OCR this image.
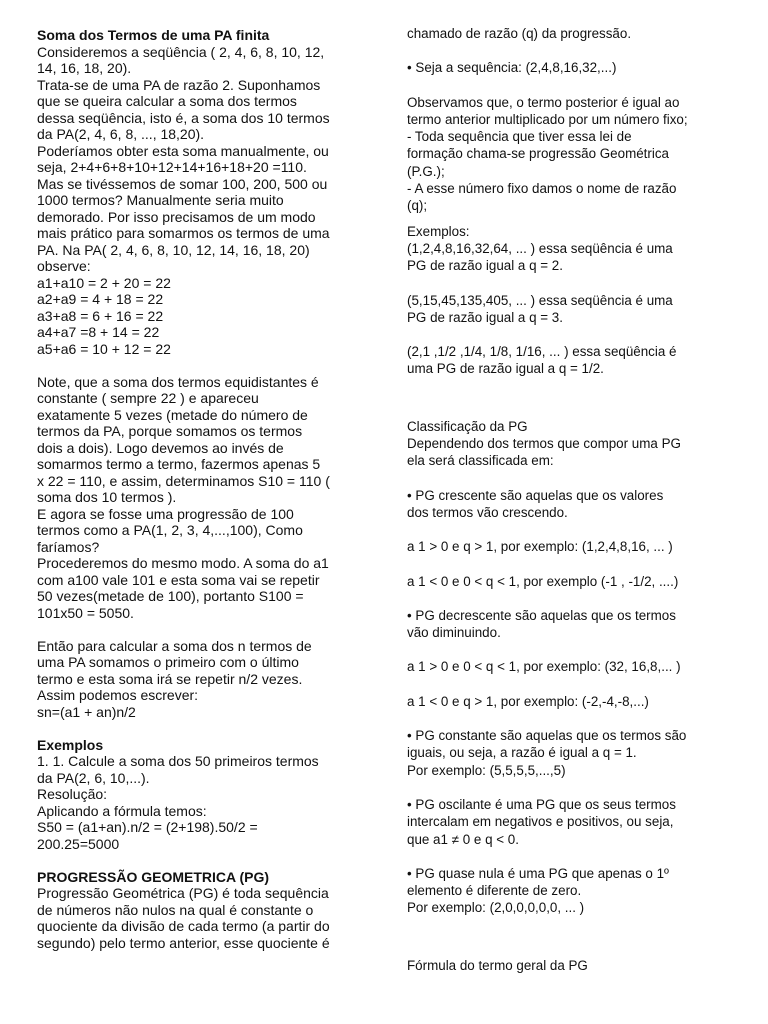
Soma dos Termos de uma PA finita

Consideremos a seqüência ( 2, 4, 6, 8, 10, 12,
14, 16, 18, 20).
Trata-se de uma PA de razão 2. Suponhamos
que se queira calcular a soma dos termos
dessa seqüência, isto é, a soma dos 10 termos
da PA(2, 4, 6, 8, ..., 18,20).
Poderíamos obter esta soma manualmente, ou
seja, 2+4+6+8+10+12+14+16+18+20 =110.
Mas se tivéssemos de somar 100, 200, 500 ou
1000 termos? Manualmente seria muito
demorado. Por isso precisamos de um modo
mais prático para somarmos os termos de uma
PA. Na PA( 2, 4, 6, 8, 10, 12, 14, 16, 18, 20)
observe:
a1+a10 = 2 + 20 = 22
a2+a9 = 4 + 18 = 22
a3+a8 = 6 + 16 = 22
a4+a7 =8 + 14 = 22
a5+a6 = 10 + 12 = 22

Note, que a soma dos termos equidistantes é
constante ( sempre 22 ) e apareceu
exatamente 5 vezes (metade do número de
termos da PA, porque somamos os termos
dois a dois). Logo devemos ao invés de
somarmos termo a termo, fazermos apenas 5
x 22 = 110, e assim, determinamos S10 = 110 (
soma dos 10 termos ).
E agora se fosse uma progressão de 100
termos como a PA(1, 2, 3, 4,...,100), Como
faríamos?
Procederemos do mesmo modo. A soma do a1
com a100 vale 101 e esta soma vai se repetir
50 vezes(metade de 100), portanto S100 =
101x50 = 5050.

Então para calcular a soma dos n termos de
uma PA somamos o primeiro com o último
termo e esta soma irá se repetir n/2 vezes.
Assim podemos escrever:
sn=(a1 + an)n/2

Exemplos

1. 1. Calcule a soma dos 50 primeiros termos
da PA(2, 6, 10,...).
Resolução:
Aplicando a fórmula temos:
S50 = (a1+an).n/2 = (2+198).50/2 =
200.25=5000

PROGRESSÃO GEOMETRICA (PG)

Progressão Geométrica (PG) é toda sequência
de números não nulos na qual é constante o
quociente da divisão de cada termo (a partir do
segundo) pelo termo anterior, esse quociente é

chamado de razão (q) da progressão.

• Seja a sequência: (2,4,8,16,32,...)

Observamos que, o termo posterior é igual ao
termo anterior multiplicado por um número fixo;
- Toda sequência que tiver essa lei de
formação chama-se progressão Geométrica
(P.G.);
- A esse número fixo damos o nome de razão
(q);

Exemplos:
(1,2,4,8,16,32,64, ... ) essa seqüência é uma
PG de razão igual a q = 2.

(5,15,45,135,405, ... ) essa seqüência é uma
PG de razão igual a q = 3.

(2,1 ,1/2 ,1/4, 1/8, 1/16, ... ) essa seqüência é
uma PG de razão igual a q = 1/2.

Classificação da PG
Dependendo dos termos que compor uma PG
ela será classificada em:

• PG crescente são aquelas que os valores
dos termos vão crescendo.

a 1 > 0 e q > 1, por exemplo: (1,2,4,8,16, ... )

a 1 < 0 e 0 < q < 1, por exemplo (-1 , -1/2, ....)

• PG decrescente são aquelas que os termos
vão diminuindo.

a 1 > 0 e 0 < q < 1, por exemplo: (32, 16,8,... )

a 1 < 0 e q > 1, por exemplo: (-2,-4,-8,...)

• PG constante são aquelas que os termos são
iguais, ou seja, a razão é igual a q = 1.
Por exemplo: (5,5,5,5,...,5)

• PG oscilante é uma PG que os seus termos
intercalam em negativos e positivos, ou seja,
que a1 ≠ 0 e q < 0.

• PG quase nula é uma PG que apenas o 1º
elemento é diferente de zero.
Por exemplo: (2,0,0,0,0,0, ... )

Fórmula do termo geral da PG
